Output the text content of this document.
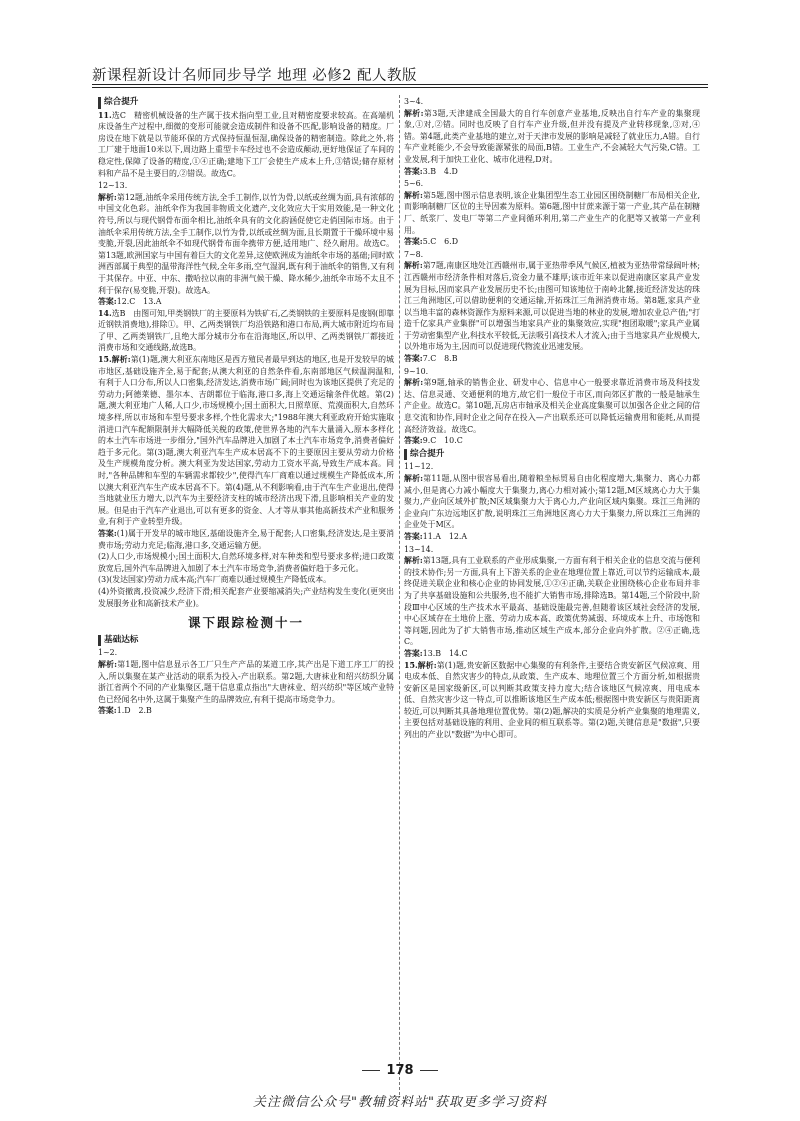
新课程新设计名师同步导学 地理 必修2 配人教版
综合提升

11.选C　精密机械设备的生产属于技术指向型工业,且对精密度要求较高。在高端机床设备生产过程中,细微的变形可能就会造成制件和设备不匹配,影响设备的精度。厂房设在地下就是以节能环保的方式保持恒温恒湿,确保设备的精密制造。除此之外,将工厂建于地面10米以下,周边路上重型卡车经过也不会造成颠动,更好地保证了车间的稳定性,保障了设备的精度,①④正确;建地下工厂会使生产成本上升,③错误;储存原材料和产品不是主要目的,②错误。故选C。

12~13.

解析:第12题,油纸伞采用传统方法,全手工制作,以竹为骨,以纸或丝绸为面,具有浓郁的中国文化色彩。油纸伞作为我国非物质文化遗产,文化效应大于实用效能,是一种文化符号,所以与现代钢骨布面伞相比,油纸伞具有的文化韵涵促使它走俏国际市场。由于油纸伞采用传统方法,全手工制作,以竹为骨,以纸或丝绸为面,且长期置于干燥环境中易变脆,开裂,因此油纸伞不如现代钢骨布面伞携带方便,适用地广、经久耐用。故选C。第13题,欧洲国家与中国有着巨大的文化差异,这使欧洲成为油纸伞市场的基础;同时欧洲西部属于典型的温带海洋性气候,全年多雨,空气湿润,既有利于油纸伞的销售,又有利于其保存。中亚、中东、撒哈拉以南的非洲气候干燥、降水稀少,油纸伞市场不太且不利于保存(易变脆,开裂)。故选A。

答案:12.C　13.A

14.选B　由图可知,甲类钢铁厂的主要原料为铁矿石,乙类钢铁的主要原料是废钢(即靠近钢铁消费地),排除①。甲、乙两类钢铁厂均沿铁路和港口布局,两大城市附近均布局了甲、乙两类钢铁厂,且绝大部分城市分布在沿海地区,所以甲、乙两类钢铁厂都接近消费市场和交通线路,故选B。

15.解析:第(1)题,澳大利亚东南地区是西方殖民者最早到达的地区,也是开发较早的城市地区,基础设施齐全,易于配套;从澳大利亚的自然条件看,东南部地区气候温润温和,有利于人口分布,所以人口密集,经济发达,消费市场广阔;同时也为该地区提供了充足的劳动力;阿德莱德、墨尔本、吉朗都位于临海,港口多,海上交通运输条件优越。第(2)题,澳大利亚地广人稀,人口少,市场规模小;国土面积大,日照草原、荒漠面积大,自然环境多样,所以市场和车型号要求多样,个性化需求大;"1988年澳大利亚政府开始实施取消进口汽车配额限制并大幅降低关税的政策,使世界各地的汽车大量涌入,原本多样化的本土汽车市场进一步细分,"国外汽车品牌进入加剧了本土汽车市场竞争,消费者偏好趋于多元化。第(3)题,澳大利亚汽车生产成本居高不下的主要原因主要从劳动力价格及生产规模角度分析。澳大利亚为发达国家,劳动力工资水平高,导致生产成本高。同时,"各种品牌和车型的车辆需求都较少",使得汽车厂商难以通过规模生产降低成本,所以澳大利亚汽车生产成本居高不下。第(4)题,从不利影响看,由于汽车生产业退出,使得当地就业压力增大,以汽车为主要经济支柱的城市经济出现下滑,且影响相关产业的发展。但是由于汽车产业退出,可以有更多的资金、人才等从事其他高新技术产业和服务业,有利于产业转型升级。

答案:(1)属于开发早的城市地区,基础设施齐全,易于配套;人口密集,经济发达,是主要消费市场;劳动力充足;临海,港口多,交通运输方便。

(2)人口少,市场规模小;国土面积大,自然环境多样,对车种类和型号要求多样;进口政策放宽后,国外汽车品牌进入加剧了本土汽车市场竞争,消费者偏好趋于多元化。

(3)(发达国家)劳动力成本高;汽车厂商难以通过规模生产降低成本。

(4)外资撤离,投资减少,经济下滑;相关配套产业要缩减消失;产业结构发生变化(更突出发展服务业和高新技术产业)。

课下跟踪检测十一
基础达标
1~2.

解析:第1题,图中信息显示各工厂只生产产品的某道工序,其产出是下道工序工厂的投入,所以集聚在某产业活动的联系为投入-产出联系。第2题,大唐袜业和绍兴纺织分属浙江省两个不同的产业集聚区,题干信息重点指出"大唐袜业、绍兴纺织"等区域产业特色已经闻名中外,这属于集聚产生的品牌效应,有利于提高市场竞争力。

答案:1.D　2.B

3~4.

解析:第3题,天津建成全国最大的自行车创意产业基地,反映出自行车产业的集聚现象,①对,②错。同时也反映了自行车产业升级,但并没有提及产业转移现象,③对,④错。第4题,此类产业基地的建立,对于天津市发展的影响是减轻了就业压力,A错。自行车产业耗能少,不会导致能源紧张的局面,B错。工业生产,不会减轻大气污染,C错。工业发展,利于加快工业化、城市化进程,D对。

答案:3.B　4.D

5~6.

解析:第5题,图中图示信息表明,该企业集团型生态工业园区围绕制糖厂布局相关企业,而影响制糖厂区位的主导因素为原料。第6题,图中甘蔗来源于第一产业,其产品在制糖厂、纸浆厂、发电厂等第二产业间循环利用,第二产业生产的化肥等又被第一产业利用。

答案:5.C　6.D

7~8.

解析:第7题,南康区地处江西赣州市,属于亚热带季风气候区,植被为亚热带常绿阔叶林;江西赣州市经济条件相对落后,资金力量不雄厚;该市近年来以促进南康区家具产业发展为目标,因而家具产业发展历史不长;由图可知该地位于南岭北麓,接近经济发达的珠江三角洲地区,可以借助便利的交通运输,开拓珠江三角洲消费市场。第8题,家具产业以当地丰富的森林资源作为原料来源,可以促进当地的林业的发展,增加农业总产值;"打造千亿家具产业集群"可以增强当地家具产业的集聚效应,实现"抱团取暖";家具产业属于劳动密集型产业,科技水平较低,无法吸引高技术人才流入;由于当地家具产业规模大,以外地市场为主,因而可以促进现代物流业迅速发展。

答案:7.C　8.B

9~10.

解析:第9题,轴承的销售企业、研发中心、信息中心一般要求靠近消费市场及科技发达、信息灵通、交通便利的地方,故它们一般位于市区,而向郊区扩散的一般是轴承生产企业。故选C。第10题,瓦房店市轴承及相关企业高度集聚可以加强各企业之间的信息交流和协作,同时企业之间存在投入—产出联系还可以降低运输费用和能耗,从而提高经济效益。故选C。

答案:9.C　10.C

综合提升
11~12.

解析:第11题,从图中很容易看出,随着粮坐标贸易自由化程度增大,集聚力、离心力都减小,但是离心力减小幅度大于集聚力,离心力相对减小;第12题,M区域离心力大于集聚力,产业向区域外扩散;N区域集聚力大于离心力,产业向区域内集聚。珠江三角洲的企业向广东边远地区扩散,说明珠江三角洲地区离心力大于集聚力,所以珠江三角洲的企业处于M区。

答案:11.A　12.A

13~14.

解析:第13题,具有工业联系的产业形成集聚,一方面有利于相关企业的信息交流与便利的技术协作;另一方面,具有上下游关系的企业在地理位置上靠近,可以节约运输成本,最终促进关联企业和核心企业的协同发展,①②④正确,关联企业围绕核心企业布局并非为了共享基础设施和公共服务,也不能扩大销售市场,排除选B。第14题,三个阶段中,阶段Ⅲ中心区域的生产技术水平最高、基础设施最完善,但随着该区域社会经济的发展,中心区域存在土地价上涨、劳动力成本高、政策优势减弱、环境成本上升、市场饱和等问题,因此为了扩大销售市场,推动区域生产成本,部分企业向外扩散。②④正确,选C。

答案:13.B　14.C

15.解析:第(1)题,贵安新区数据中心集聚的有利条件,主要结合贵安新区气候凉爽、用电成本低、自然灾害少的特点,从政策、生产成本、地理位置三个方面分析,如根据贵安新区是国家级新区,可以判断其政策支持力度大;结合该地区气候凉爽、用电成本低、自然灾害少这一特点,可以推断该地区生产成本低;根据图中贵安新区与贵阳距离较近,可以判断其具备地理位置优势。第(2)题,解决的实质是分析产业集聚的地理需义,主要包括对基础设施的利用、企业间的相互联系等。第(2)题,关键信息是"数据",只要列出的产业以"数据"为中心即可。

178
关注微信公众号"教辅资料站"获取更多学习资料
